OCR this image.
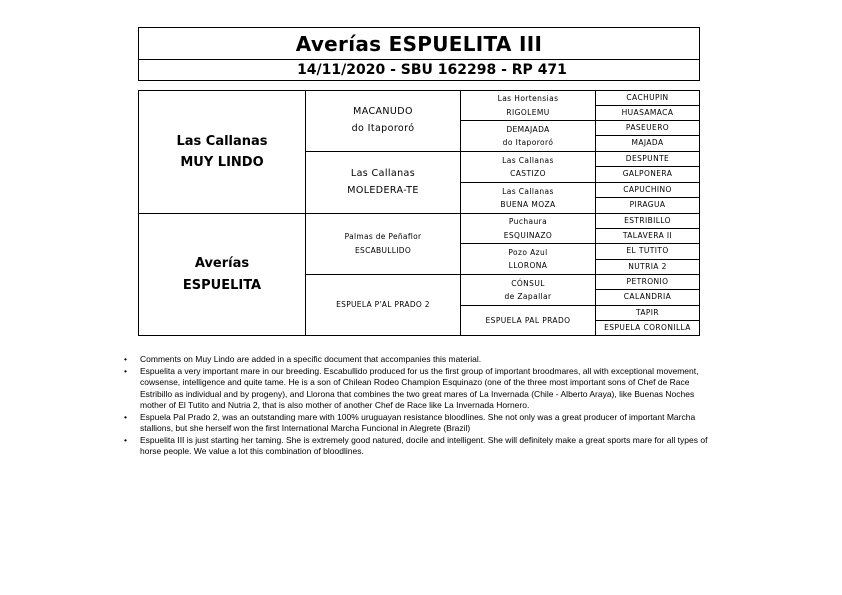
Averías ESPUELITA III
14/11/2020 - SBU 162298 - RP 471
Las Callanas
MUY LINDO
Averías
ESPUELITA
MACANUDO
do Itapororó
Las Callanas
MOLEDERA-TE
Palmas de Peñaflor
ESCABULLIDO
ESPUELA P'AL PRADO 2
Las Hortensias
RIGOLEMU
DEMAJADA
do Itapororó
Las Callanas
CASTIZO
Las Callanas
BUENA MOZA
Puchaura
ESQUINAZO
Pozo Azul
LLORONA
CÓNSUL
de Zapallar
ESPUELA PAL PRADO
CACHUPIN
HUASAMACA
PASEUERO
MAJADA
DESPUNTE
GALPONERA
CAPUCHINO
PIRAGUA
ESTRIBILLO
TALAVERA II
EL TUTITO
NUTRIA 2
PETRONIO
CALANDRIA
TAPIR
ESPUELA CORONILLA
• Comments on Muy Lindo are added in a specific document that accompanies this material.
• Espuelita a very important mare in our breeding. Escabullido produced for us the first group of important broodmares, all with exceptional movement, cowsense, intelligence and quite tame. He is a son of Chilean Rodeo Champion Esquinazo (one of the three most important sons of Chef de Race Estribillo as individual and by progeny), and Llorona that combines the two great mares of La Invernada (Chile - Alberto Araya), like Buenas Noches mother of El Tutito and Nutria 2, that is also mother of another Chef de Race like La Invernada Hornero.
• Espuela Pal Prado 2, was an outstanding mare with 100% uruguayan resistance bloodlines. She not only was a great producer of important Marcha stallions, but she herself won the first International Marcha Funcional in Alegrete (Brazil)
• Espuelita III is just starting her taming. She is extremely good natured, docile and intelligent. She will definitely make a great sports mare for all types of horse people. We value a lot this combination of bloodlines.
